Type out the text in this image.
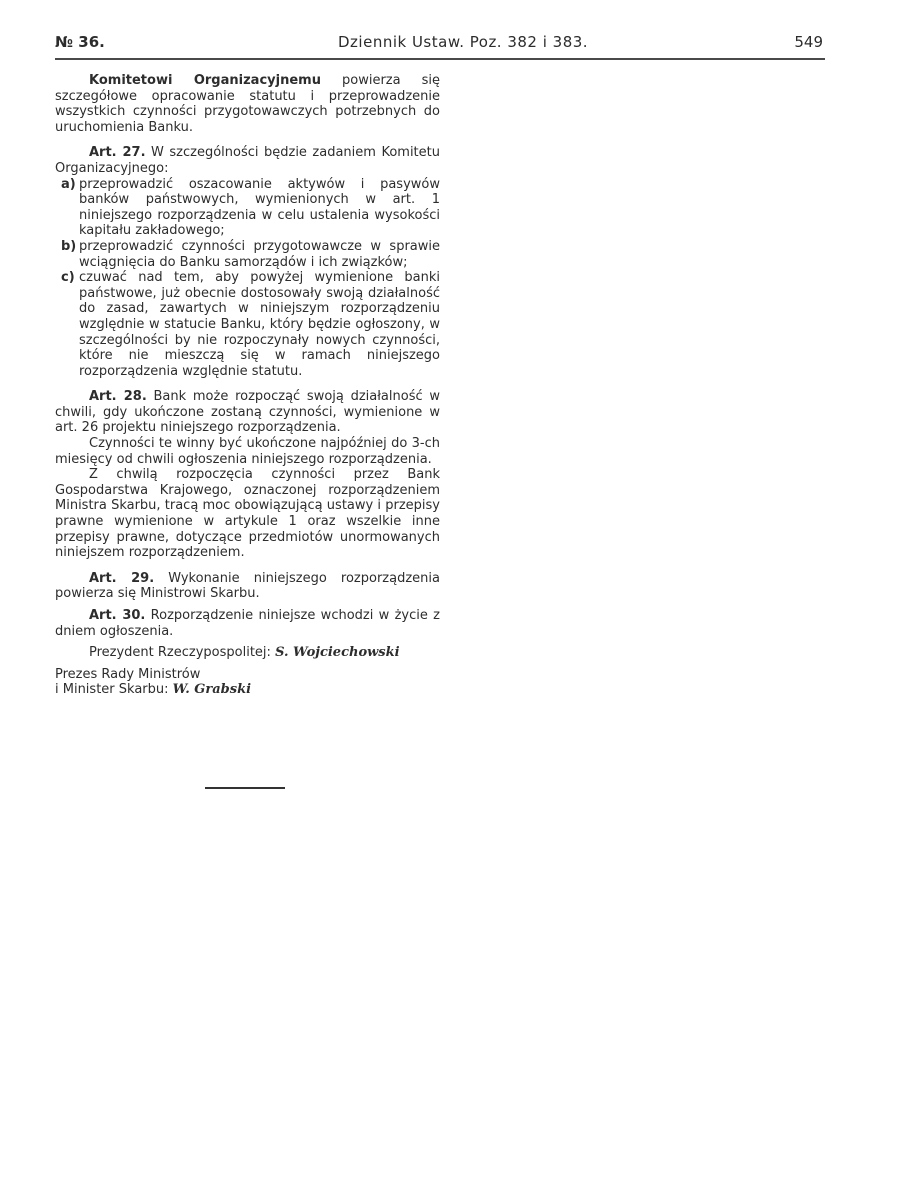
№ 36.	Dziennik Ustaw. Poz. 382 i 383.	549

Komitetowi Organizacyjnemu powierza się szczegółowe opracowanie statutu i przeprowadzenie wszystkich czynności przygotowawczych potrzebnych do uruchomienia Banku.

Art. 27. W szczególności będzie zadaniem Komitetu Organizacyjnego:

a) przeprowadzić oszacowanie aktywów i pasywów banków państwowych, wymienionych w art. 1 niniejszego rozporządzenia w celu ustalenia wysokości kapitału zakładowego;
b) przeprowadzić czynności przygotowawcze w sprawie wciągnięcia do Banku samorządów i ich związków;
c) czuwać nad tem, aby powyżej wymienione banki państwowe, już obecnie dostosowały swoją działalność do zasad, zawartych w niniejszym rozporządzeniu względnie w statucie Banku, który będzie ogłoszony, w szczególności by nie rozpoczynały nowych czynności, które nie mieszczą się w ramach niniejszego rozporządzenia względnie statutu.

Art. 28. Bank może rozpocząć swoją działalność w chwili, gdy ukończone zostaną czynności, wymienione w art. 26 projektu niniejszego rozporządzenia.

Czynności te winny być ukończone najpóźniej do 3-ch miesięcy od chwili ogłoszenia niniejszego rozporządzenia.

Z chwilą rozpoczęcia czynności przez Bank Gospodarstwa Krajowego, oznaczonej rozporządzeniem Ministra Skarbu, tracą moc obowiązującą ustawy i przepisy prawne wymienione w artykule 1 oraz wszelkie inne przepisy prawne, dotyczące przedmiotów unormowanych niniejszem rozporządzeniem.

Art. 29. Wykonanie niniejszego rozporządzenia powierza się Ministrowi Skarbu.

Art. 30. Rozporządzenie niniejsze wchodzi w życie z dniem ogłoszenia.

Prezydent Rzeczypospolitej: S. Wojciechowski

Prezes Rady Ministrów

i Minister Skarbu: W. Grabski
